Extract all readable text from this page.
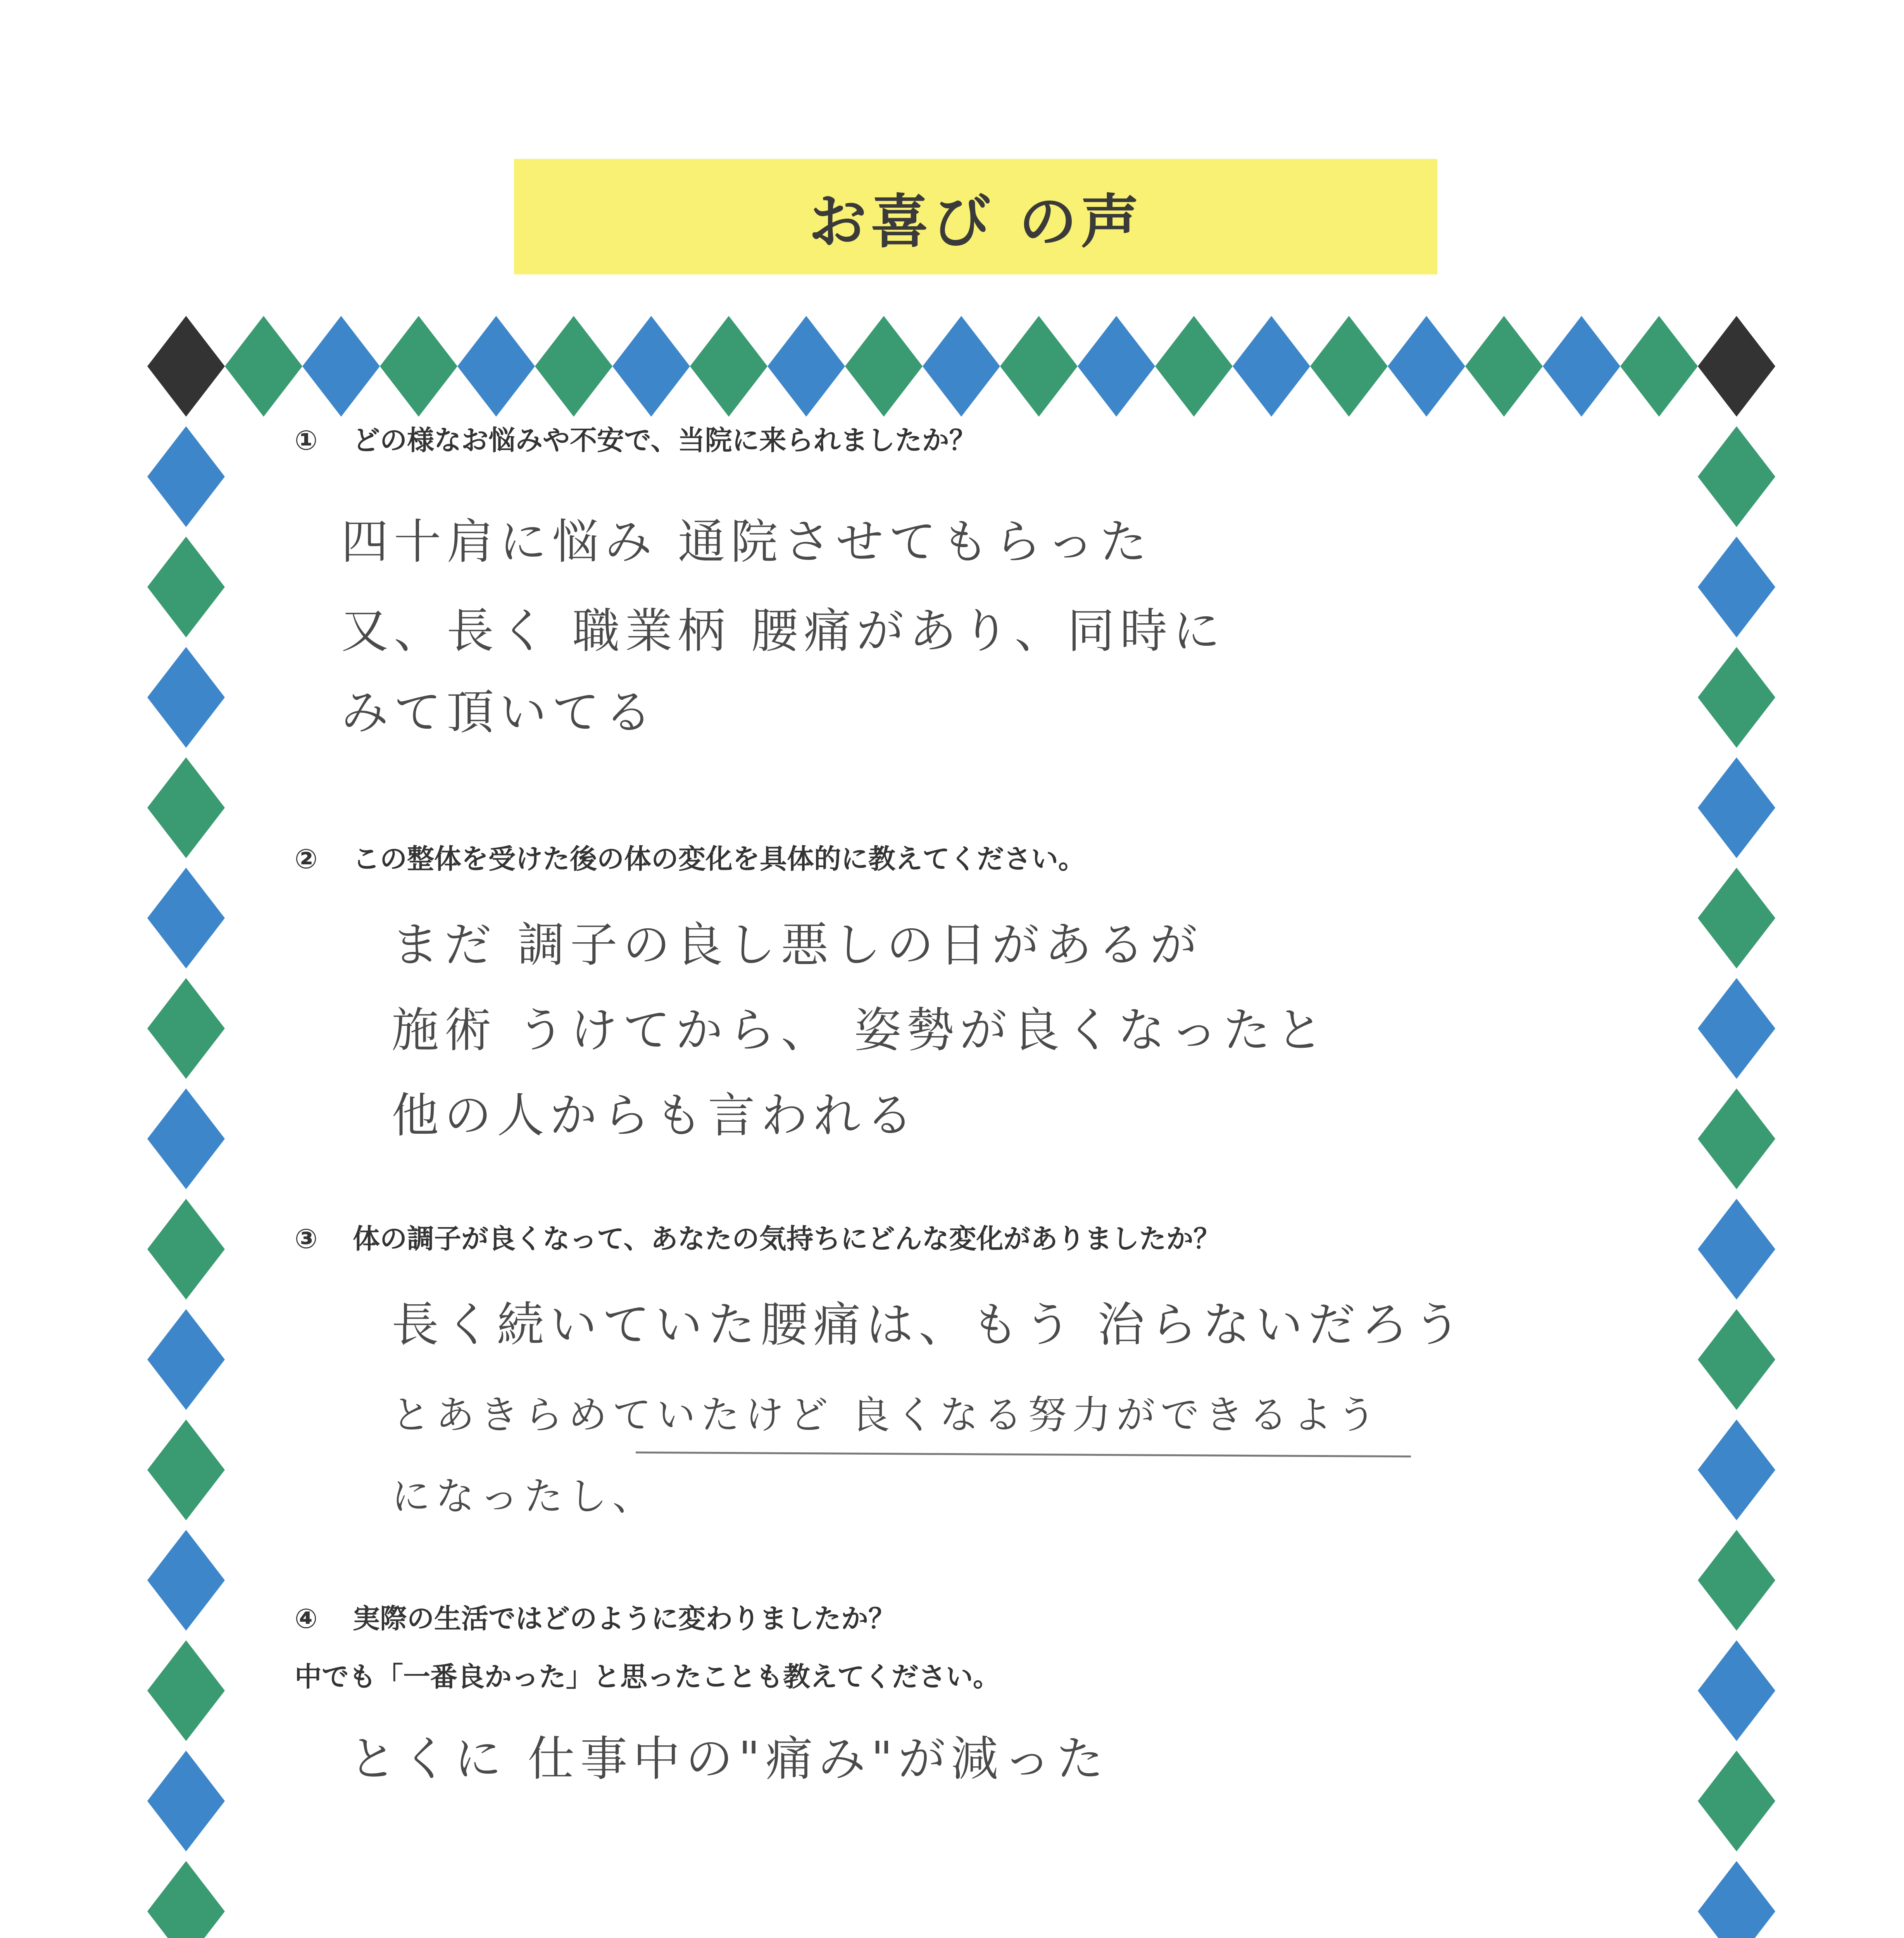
お喜び の声
① どの様なお悩みや不安で、当院に来られましたか？
四十肩に悩み 通院させてもらった
又、長く 職業柄 腰痛があり、同時に
みて頂いてる
② この整体を受けた後の体の変化を具体的に教えてください。
まだ 調子の良し悪しの日があるが
施術 うけてから、 姿勢が良くなったと
他の人からも言われる
③ 体の調子が良くなって、あなたの気持ちにどんな変化がありましたか？
長く続いていた腰痛は、もう 治らないだろう
とあきらめていたけど 良くなる努力ができるよう
になったし、
④ 実際の生活ではどのように変わりましたか？
中でも「一番良かった」と思ったことも教えてください。
とくに 仕事中の"痛み"が減った
